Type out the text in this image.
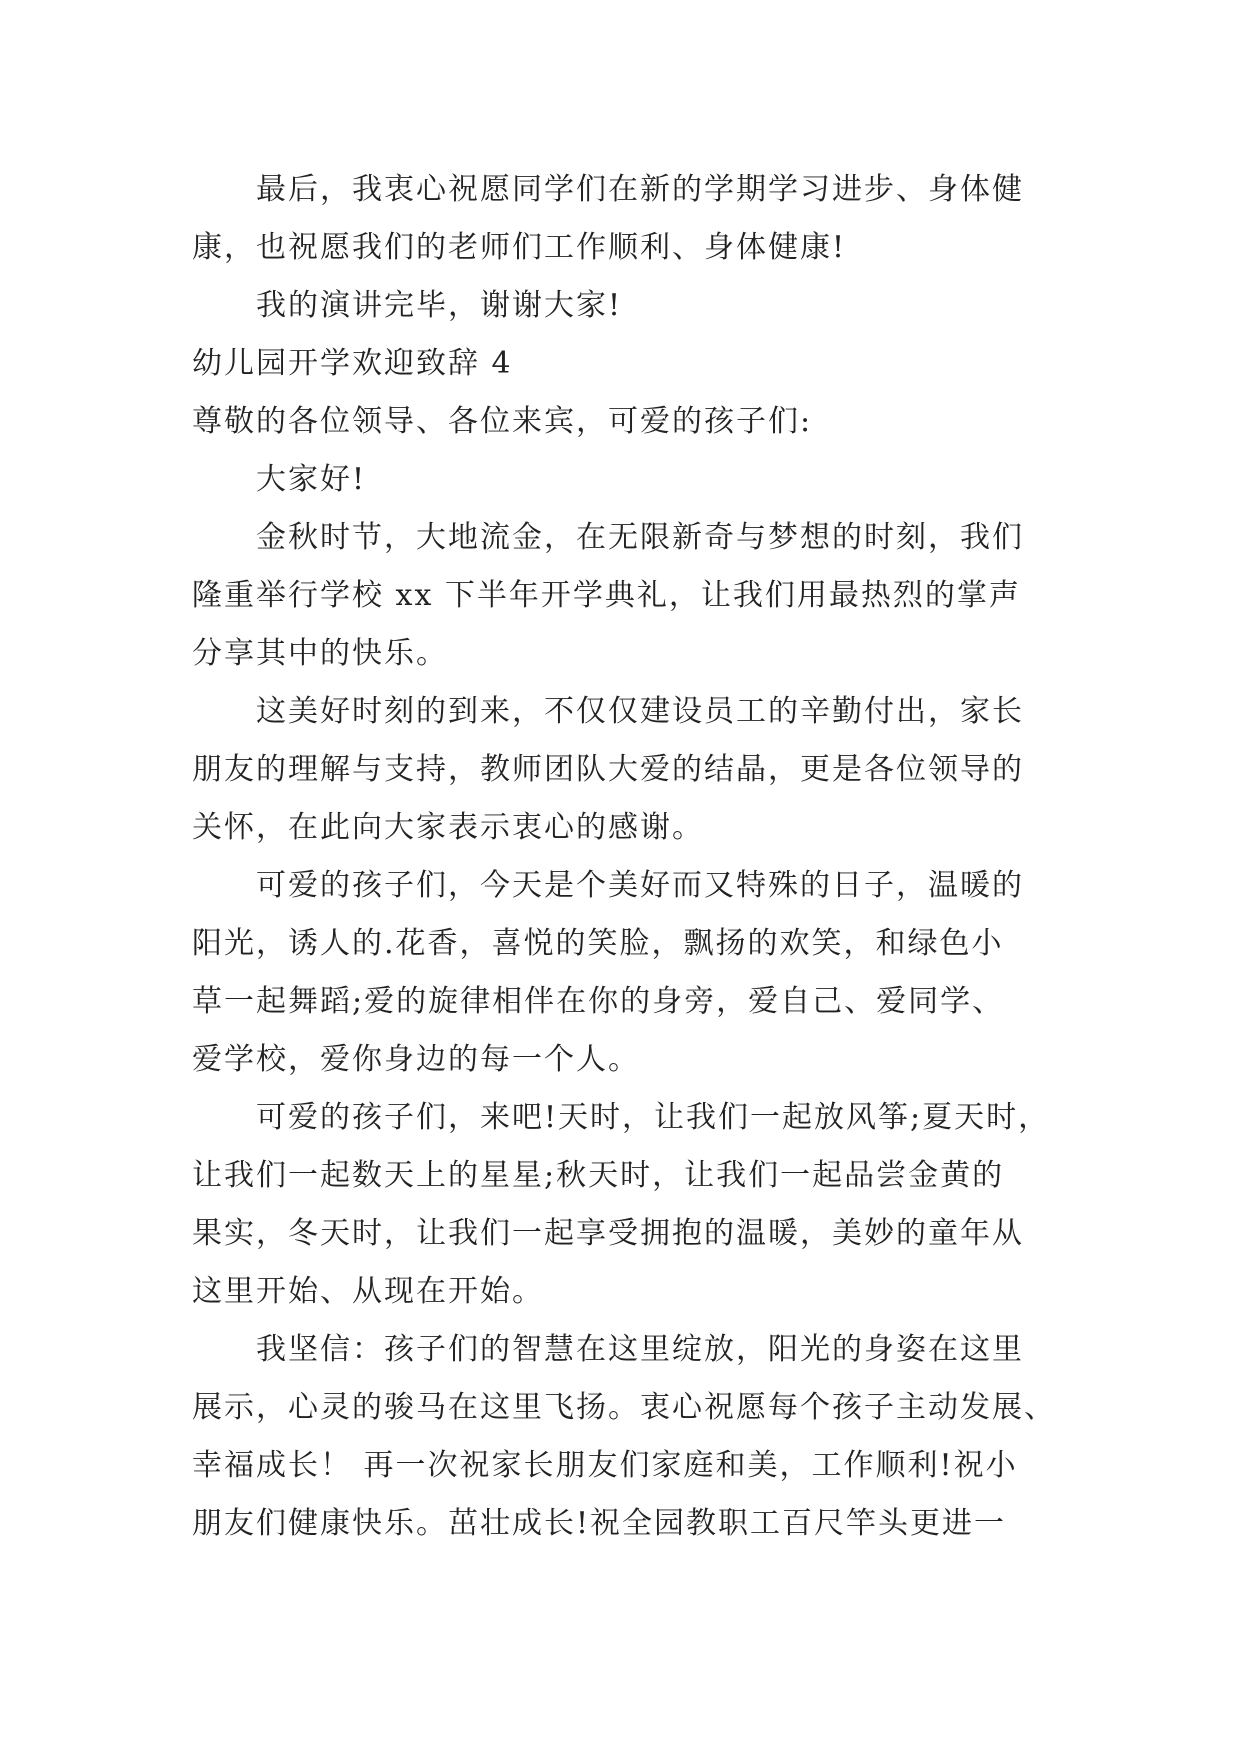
最后，我衷心祝愿同学们在新的学期学习进步、身体健
康，也祝愿我们的老师们工作顺利、身体健康!
我的演讲完毕，谢谢大家!
幼儿园开学欢迎致辞 4
尊敬的各位领导、各位来宾，可爱的孩子们:
大家好!
金秋时节，大地流金，在无限新奇与梦想的时刻，我们
隆重举行学校 xx 下半年开学典礼，让我们用最热烈的掌声
分享其中的快乐。
这美好时刻的到来，不仅仅建设员工的辛勤付出，家长
朋友的理解与支持，教师团队大爱的结晶，更是各位领导的
关怀，在此向大家表示衷心的感谢。
可爱的孩子们，今天是个美好而又特殊的日子，温暖的
阳光，诱人的.花香，喜悦的笑脸，飘扬的欢笑，和绿色小
草一起舞蹈;爱的旋律相伴在你的身旁，爱自己、爱同学、
爱学校，爱你身边的每一个人。
可爱的孩子们，来吧!天时，让我们一起放风筝;夏天时，
让我们一起数天上的星星;秋天时，让我们一起品尝金黄的
果实，冬天时，让我们一起享受拥抱的温暖，美妙的童年从
这里开始、从现在开始。
我坚信：孩子们的智慧在这里绽放，阳光的身姿在这里
展示，心灵的骏马在这里飞扬。衷心祝愿每个孩子主动发展、
幸福成长！ 再一次祝家长朋友们家庭和美，工作顺利!祝小
朋友们健康快乐。茁壮成长!祝全园教职工百尺竿头更进一
